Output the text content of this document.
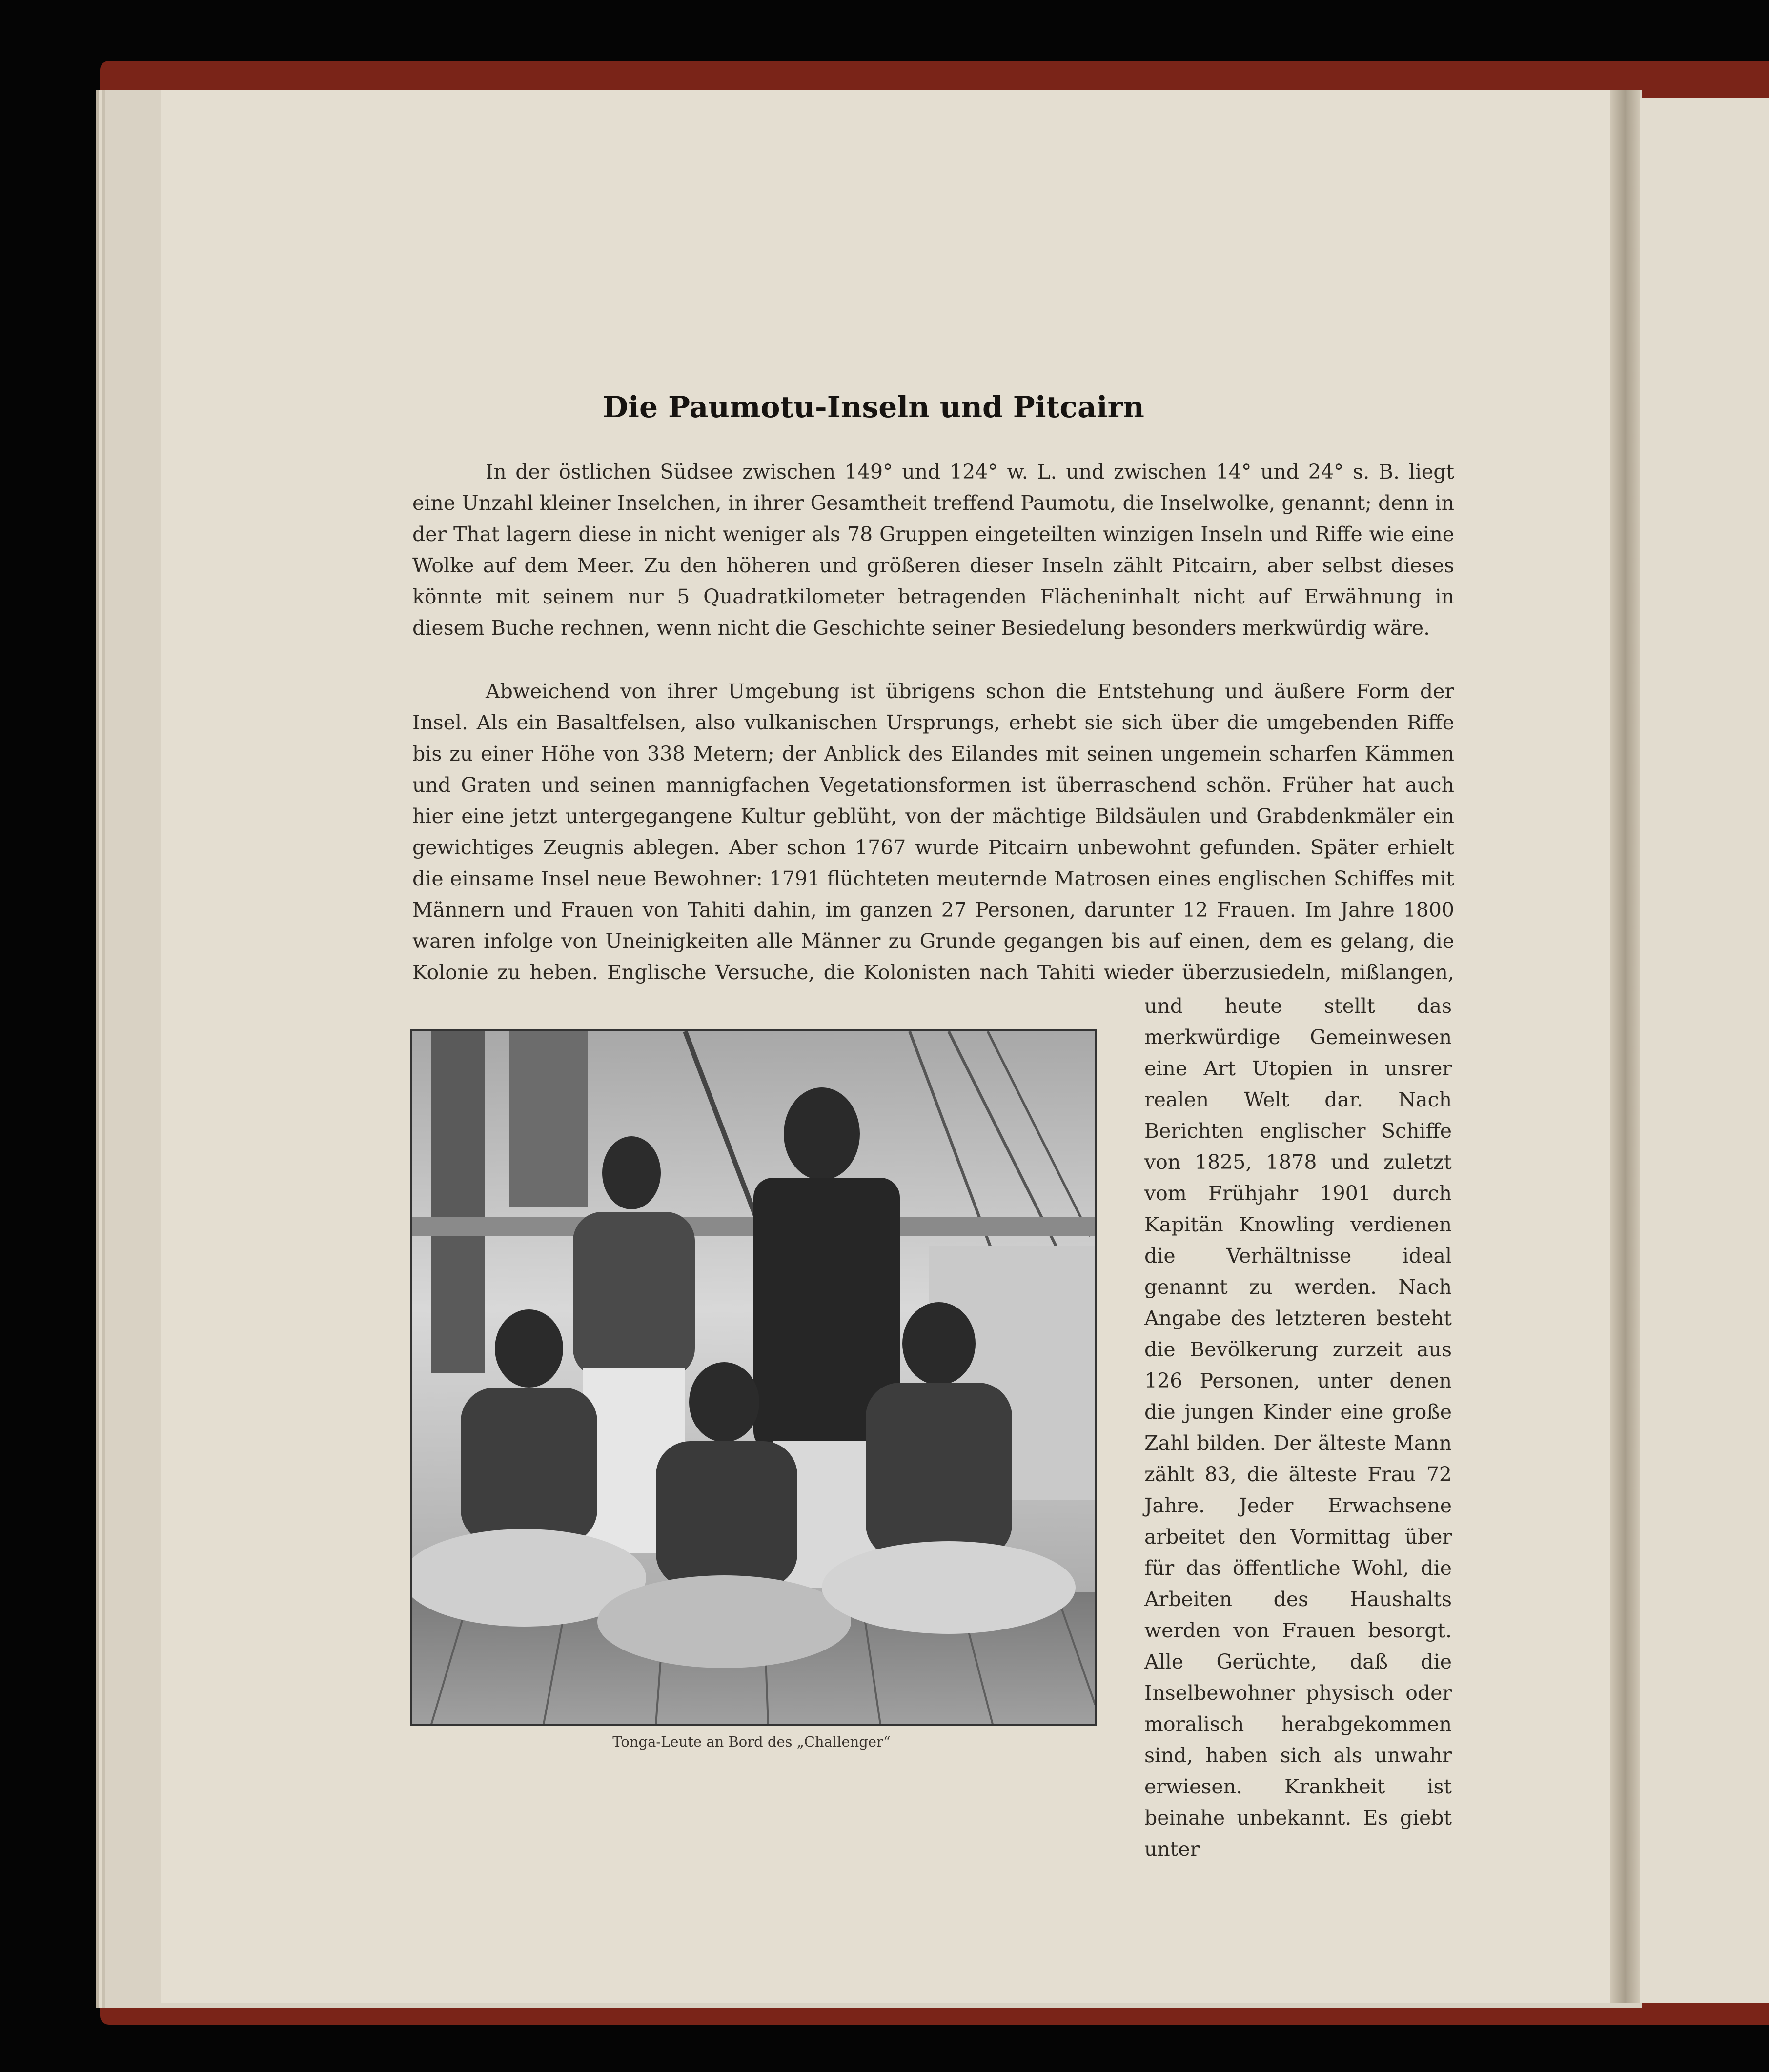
Die Paumotu-Inseln und Pitcairn

In der östlichen Südsee zwischen 149° und 124° w. L. und zwischen 14° und 24° s. B. liegt eine Unzahl kleiner Inselchen, in ihrer Gesamtheit treffend Paumotu, die Inselwolke, genannt; denn in der That lagern diese in nicht weniger als 78 Gruppen eingeteilten winzigen Inseln und Riffe wie eine Wolke auf dem Meer. Zu den höheren und größeren dieser Inseln zählt Pitcairn, aber selbst dieses könnte mit seinem nur 5 Quadratkilometer betragenden Flächeninhalt nicht auf Erwähnung in diesem Buche rechnen, wenn nicht die Geschichte seiner Besiedelung besonders merkwürdig wäre.

Abweichend von ihrer Umgebung ist übrigens schon die Entstehung und äußere Form der Insel. Als ein Basaltfelsen, also vulkanischen Ursprungs, erhebt sie sich über die umgebenden Riffe bis zu einer Höhe von 338 Metern; der Anblick des Eilandes mit seinen ungemein scharfen Kämmen und Graten und seinen mannigfachen Vegetationsformen ist überraschend schön. Früher hat auch hier eine jetzt untergegangene Kultur geblüht, von der mächtige Bildsäulen und Grabdenkmäler ein gewichtiges Zeugnis ablegen. Aber schon 1767 wurde Pitcairn unbewohnt gefunden. Später erhielt die einsame Insel neue Bewohner: 1791 flüchteten meuternde Matrosen eines englischen Schiffes mit Männern und Frauen von Tahiti dahin, im ganzen 27 Personen, darunter 12 Frauen. Im Jahre 1800 waren infolge von Uneinigkeiten alle Männer zu Grunde gegangen bis auf einen, dem es gelang, die Kolonie zu heben. Englische Versuche, die Kolonisten nach Tahiti wieder überzusiedeln, mißlangen,

Tonga-Leute an Bord des „Challenger“

und heute stellt das merkwürdige Gemeinwesen eine Art Utopien in unsrer realen Welt dar. Nach Berichten englischer Schiffe von 1825, 1878 und zuletzt vom Frühjahr 1901 durch Kapitän Knowling verdienen die Verhältnisse ideal genannt zu werden. Nach Angabe des letzteren besteht die Bevölkerung zurzeit aus 126 Personen, unter denen die jungen Kinder eine große Zahl bilden. Der älteste Mann zählt 83, die älteste Frau 72 Jahre. Jeder Erwachsene arbeitet den Vormittag über für das öffentliche Wohl, die Arbeiten des Haushalts werden von Frauen besorgt. Alle Gerüchte, daß die Inselbewohner physisch oder moralisch herabgekommen sind, haben sich als unwahr erwiesen. Krankheit ist beinahe unbekannt. Es giebt unter
